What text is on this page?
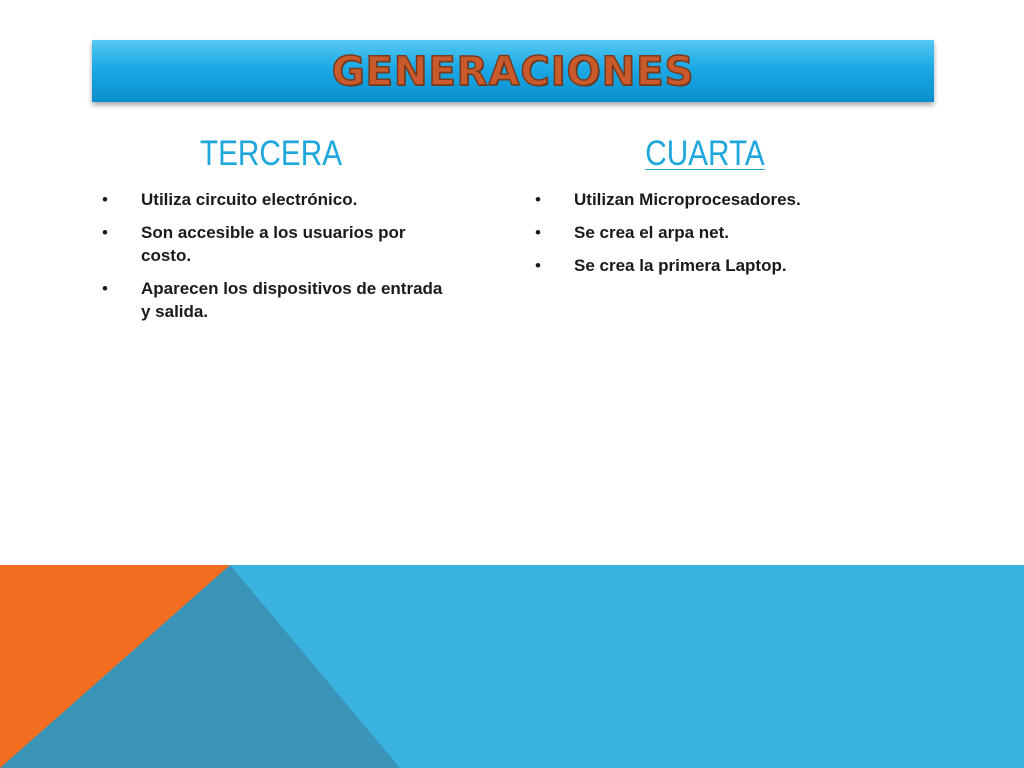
GENERACIONES
TERCERA	CUARTA
• Utiliza circuito electrónico.
• Son accesible a los usuarios por costo.
• Aparecen los dispositivos de entrada y salida.
• Utilizan Microprocesadores.
• Se crea el arpa net.
• Se crea la primera Laptop.
